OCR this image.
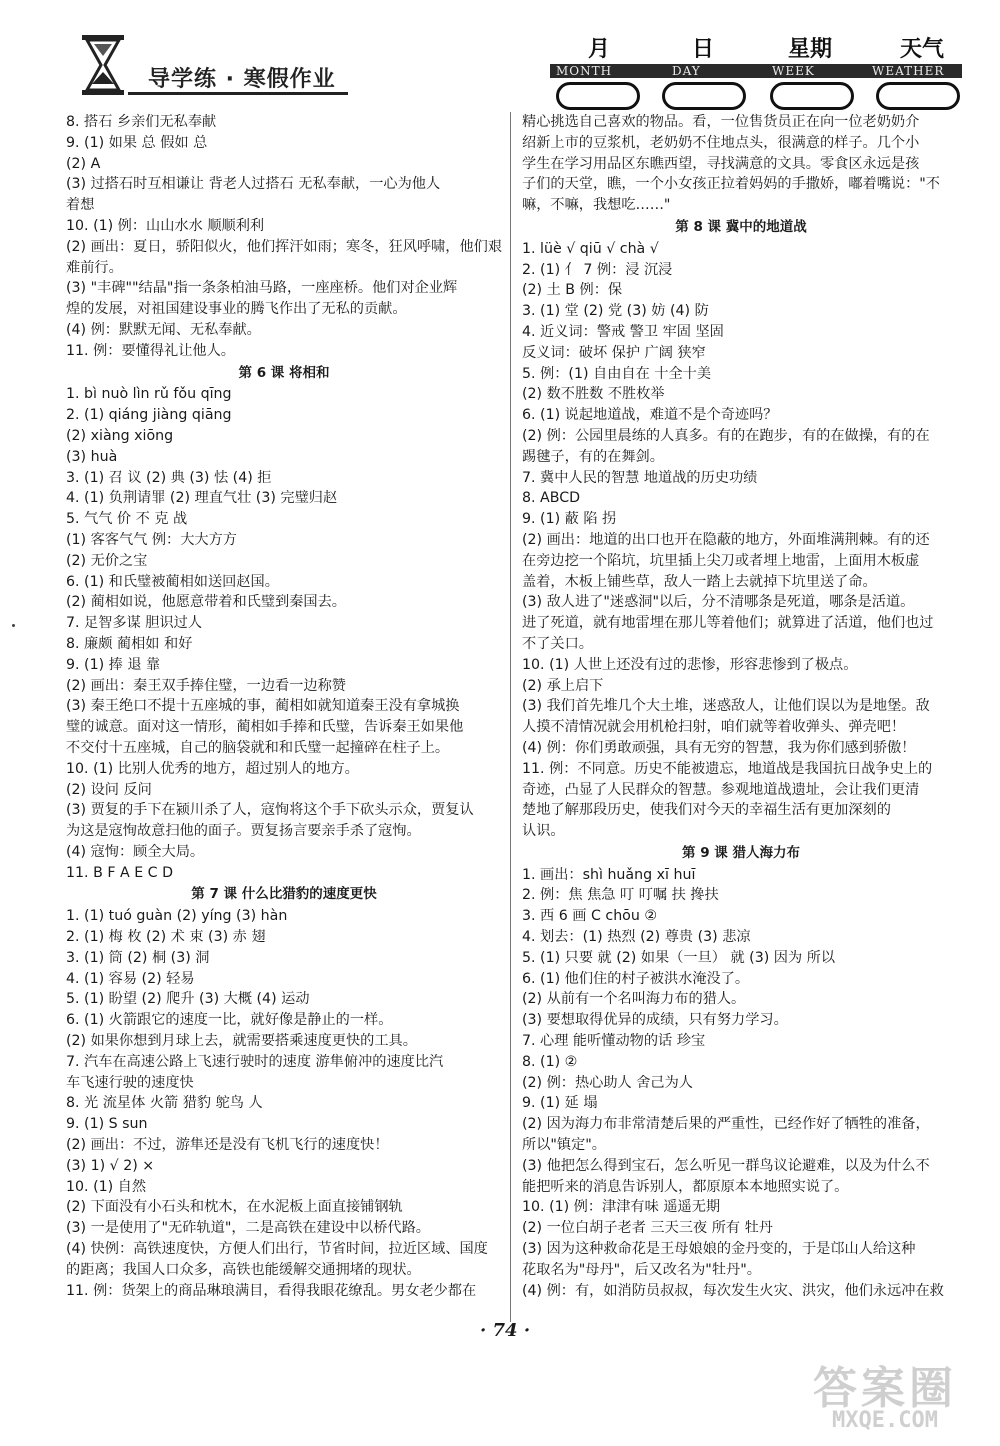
导学练 · 寒假作业
月	日	星期	天气
MONTH	DAY	WEEK	WEATHER
8. 搭石 乡亲们无私奉献
9. (1) 如果 总 假如 总
(2) A
(3) 过搭石时互相谦让 背老人过搭石 无私奉献，一心为他人
着想
10. (1) 例：山山水水 顺顺利利
(2) 画出：夏日，骄阳似火，他们挥汗如雨；寒冬，狂风呼啸，他们艰
难前行。
(3) "丰碑""结晶"指一条条柏油马路，一座座桥。他们对企业辉
煌的发展，对祖国建设事业的腾飞作出了无私的贡献。
(4) 例：默默无闻、无私奉献。
11. 例：要懂得礼让他人。
第 6 课 将相和
1. bì nuò lìn rǔ fǒu qīng
2. (1) qiáng jiàng qiāng
(2) xiàng xiōng
(3) huà
3. (1) 召 议 (2) 典 (3) 怯 (4) 拒
4. (1) 负荆请罪 (2) 理直气壮 (3) 完璧归赵
5. 气气 价 不 克 战
(1) 客客气气 例：大大方方
(2) 无价之宝
6. (1) 和氏璧被蔺相如送回赵国。
(2) 蔺相如说，他愿意带着和氏璧到秦国去。
7. 足智多谋 胆识过人
8. 廉颇 蔺相如 和好
9. (1) 捧 退 靠
(2) 画出：秦王双手捧住璧，一边看一边称赞
(3) 秦王绝口不提十五座城的事，蔺相如就知道秦王没有拿城换
璧的诚意。面对这一情形，蔺相如手捧和氏璧，告诉秦王如果他
不交付十五座城，自己的脑袋就和和氏璧一起撞碎在柱子上。
10. (1) 比别人优秀的地方，超过别人的地方。
(2) 设问 反问
(3) 贾复的手下在颍川杀了人，寇恂将这个手下砍头示众，贾复认
为这是寇恂故意扫他的面子。贾复扬言要亲手杀了寇恂。
(4) 寇恂：顾全大局。
11. B F A E C D
第 7 课 什么比猎豹的速度更快
1. (1) tuó guàn (2) yíng (3) hàn
2. (1) 梅 枚 (2) 术 束 (3) 赤 翅
3. (1) 筒 (2) 桐 (3) 洞
4. (1) 容易 (2) 轻易
5. (1) 盼望 (2) 爬升 (3) 大概 (4) 运动
6. (1) 火箭跟它的速度一比，就好像是静止的一样。
(2) 如果你想到月球上去，就需要搭乘速度更快的工具。
7. 汽车在高速公路上飞速行驶时的速度 游隼俯冲的速度比汽
车飞速行驶的速度快
8. 光 流星体 火箭 猎豹 鸵鸟 人
9. (1) S sun
(2) 画出：不过，游隼还是没有飞机飞行的速度快！
(3) 1) √ 2) ×
10. (1) 自然
(2) 下面没有小石头和枕木，在水泥板上面直接铺钢轨
(3) 一是使用了"无砟轨道"，二是高铁在建设中以桥代路。
(4) 快例：高铁速度快，方便人们出行，节省时间，拉近区域、国度
的距离；我国人口众多，高铁也能缓解交通拥堵的现状。
11. 例：货架上的商品琳琅满目，看得我眼花缭乱。男女老少都在
精心挑选自己喜欢的物品。看，一位售货员正在向一位老奶奶介
绍新上市的豆浆机，老奶奶不住地点头，很满意的样子。几个小
学生在学习用品区东瞧西望，寻找满意的文具。零食区永远是孩
子们的天堂，瞧，一个小女孩正拉着妈妈的手撒娇，嘟着嘴说："不
嘛，不嘛，我想吃……"
第 8 课 冀中的地道战
1. lüè √ qiū √ chà √
2. (1) 亻 7 例：浸 沉浸
(2) 土 B 例：保
3. (1) 堂 (2) 党 (3) 妨 (4) 防
4. 近义词：警戒 警卫 牢固 坚固
反义词：破坏 保护 广阔 狭窄
5. 例：(1) 自由自在 十全十美
(2) 数不胜数 不胜枚举
6. (1) 说起地道战，难道不是个奇迹吗？
(2) 例：公园里晨练的人真多。有的在跑步，有的在做操，有的在
踢毽子，有的在舞剑。
7. 冀中人民的智慧 地道战的历史功绩
8. ABCD
9. (1) 蔽 陷 拐
(2) 画出：地道的出口也开在隐蔽的地方，外面堆满荆棘。有的还
在旁边挖一个陷坑，坑里插上尖刀或者埋上地雷，上面用木板虚
盖着，木板上铺些草，敌人一踏上去就掉下坑里送了命。
(3) 敌人进了"迷惑洞"以后，分不清哪条是死道，哪条是活道。
进了死道，就有地雷埋在那儿等着他们；就算进了活道，他们也过
不了关口。
10. (1) 人世上还没有过的悲惨，形容悲惨到了极点。
(2) 承上启下
(3) 我们首先堆几个大土堆，迷惑敌人，让他们误以为是地堡。敌
人摸不清情况就会用机枪扫射，咱们就等着收弹头、弹壳吧！
(4) 例：你们勇敢顽强，具有无穷的智慧，我为你们感到骄傲！
11. 例：不同意。历史不能被遗忘，地道战是我国抗日战争史上的
奇迹，凸显了人民群众的智慧。参观地道战遗址，会让我们更清
楚地了解那段历史，使我们对今天的幸福生活有更加深刻的
认识。
第 9 课 猎人海力布
1. 画出：shì huǎng xī huī
2. 例：焦 焦急 叮 叮嘱 扶 搀扶
3. 西 6 画 C chōu ②
4. 划去：(1) 热烈 (2) 尊贵 (3) 悲凉
5. (1) 只要 就 (2) 如果（一旦） 就 (3) 因为 所以
6. (1) 他们住的村子被洪水淹没了。
(2) 从前有一个名叫海力布的猎人。
(3) 要想取得优异的成绩，只有努力学习。
7. 心理 能听懂动物的话 珍宝
8. (1) ②
(2) 例：热心助人 舍己为人
9. (1) 延 塌
(2) 因为海力布非常清楚后果的严重性，已经作好了牺牲的准备，
所以"镇定"。
(3) 他把怎么得到宝石，怎么听见一群鸟议论避难，以及为什么不
能把听来的消息告诉别人，都原原本本地照实说了。
10. (1) 例：津津有味 遥遥无期
(2) 一位白胡子老者 三天三夜 所有 牡丹
(3) 因为这种救命花是王母娘娘的金丹变的，于是邙山人给这种
花取名为"母丹"，后又改名为"牡丹"。
(4) 例：有，如消防员叔叔，每次发生火灾、洪灾，他们永远冲在救
· 74 ·
答案圈
MXQE.COM
